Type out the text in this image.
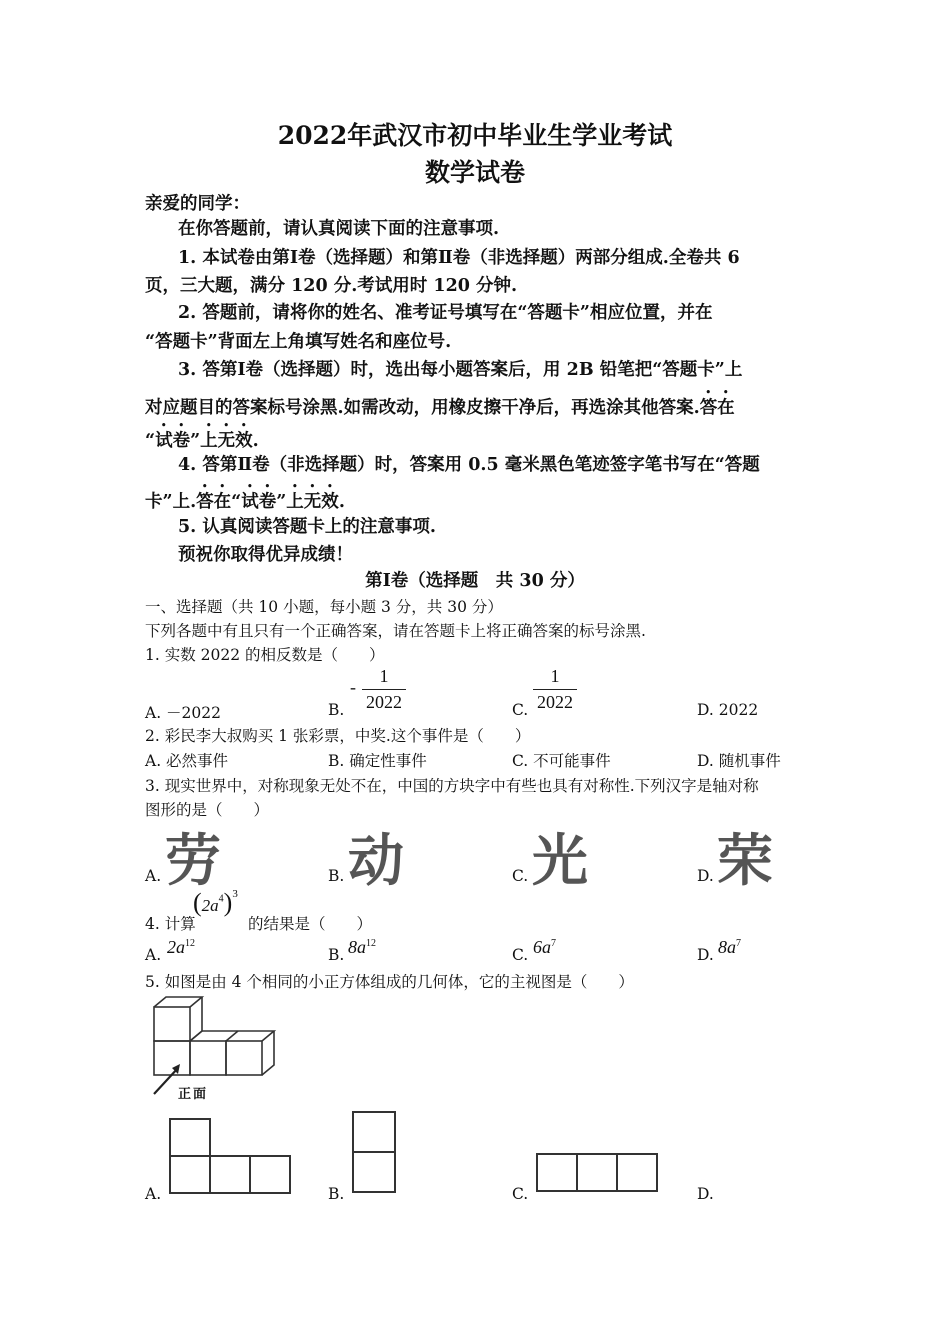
2022年武汉市初中毕业生学业考试
数学试卷
亲爱的同学：
在你答题前，请认真阅读下面的注意事项.
1. 本试卷由第Ⅰ卷（选择题）和第Ⅱ卷（非选择题）两部分组成.全卷共 6
页，三大题，满分 120 分.考试用时 120 分钟.
2. 答题前，请将你的姓名、准考证号填写在“答题卡”相应位置，并在
“答题卡”背面左上角填写姓名和座位号.
3. 答第Ⅰ卷（选择题）时，选出每小题答案后，用 2B 铅笔把“答题卡”上
对应题目的答案标号涂黑.如需改动，用橡皮擦干净后，再选涂其他答案.答在
“试卷”上无效.
4. 答第Ⅱ卷（非选择题）时，答案用 0.5 毫米黑色笔迹签字笔书写在“答题
卡”上.答在“试卷”上无效.
5. 认真阅读答题卡上的注意事项.
预祝你取得优异成绩！
第Ⅰ卷（选择题　共 30 分）
一、选择题（共 10 小题，每小题 3 分，共 30 分）
下列各题中有且只有一个正确答案，请在答题卡上将正确答案的标号涂黑.
1. 实数 2022 的相反数是（　　）
A. －2022	B.
-
1
2022	C.
1
2022	D. 2022
2. 彩民李大叔购买 1 张彩票，中奖.这个事件是（　　）
A. 必然事件	B. 确定性事件	C. 不可能事件	D. 随机事件
3. 现实世界中，对称现象无处不在，中国的方块字中有些也具有对称性.下列汉字是轴对称
图形的是（　　）
A. 劳	B. 动	C. 光	D. 荣
4. 计算
$(2a^4)^3$
的结果是（　　）
A. $2a^{12}$
B. $8a^{12}$
C. $6a^7$
D. $8a^7$
5. 如图是由 4 个相同的小正方体组成的几何体，它的主视图是（　　）
正面
A.	B.	C.	D.
